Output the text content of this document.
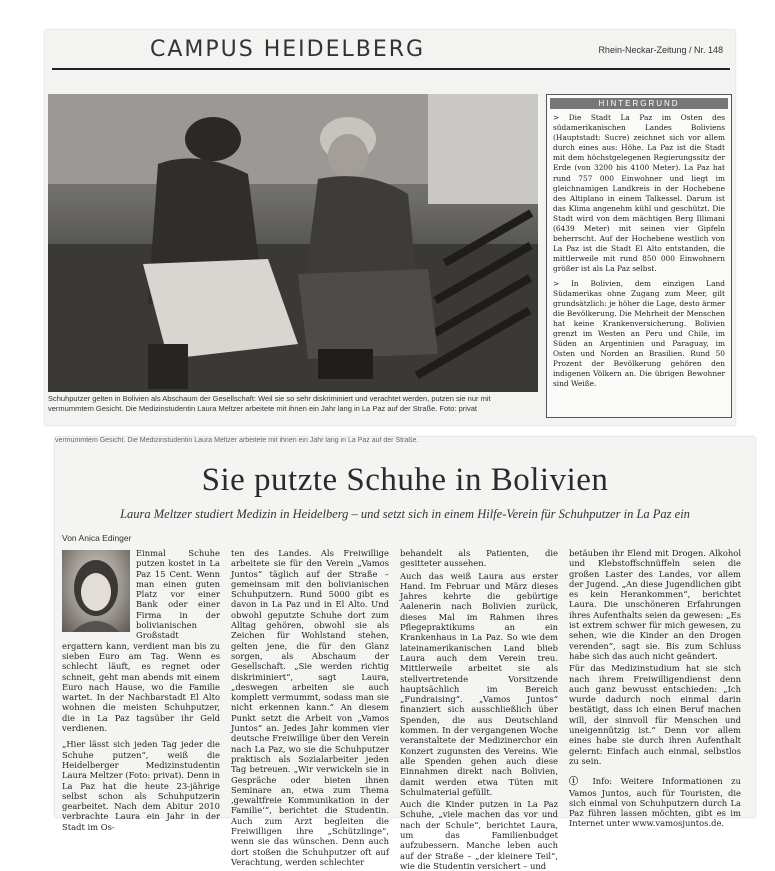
CAMPUS HEIDELBERG	Rhein-Neckar-Zeitung / Nr. 148
Schuhputzer gelten in Bolivien als Abschaum der Gesellschaft: Weil sie so sehr diskriminiert und verachtet werden, putzen sie nur mit vermummtem Gesicht. Die Medizinstudentin Laura Meltzer arbeitete mit ihnen ein Jahr lang in La Paz auf der Straße. Foto: privat
HINTERGRUND

> Die Stadt La Paz im Osten des südamerikanischen Landes Boliviens (Hauptstadt: Sucre) zeichnet sich vor allem durch eines aus: Höhe. La Paz ist die Stadt mit dem höchstgelegenen Regierungssitz der Erde (von 3200 bis 4100 Meter). La Paz hat rund 757 000 Einwohner und liegt im gleichnamigen Landkreis in der Hochebene des Altiplano in einem Talkessel. Darum ist das Klima angenehm kühl und geschützt. Die Stadt wird von dem mächtigen Berg Illimani (6439 Meter) mit seinen vier Gipfeln beherrscht. Auf der Hochebene westlich von La Paz ist die Stadt El Alto entstanden, die mittlerweile mit rund 850 000 Einwohnern größer ist als La Paz selbst.

> In Bolivien, dem einzigen Land Südamerikas ohne Zugang zum Meer, gilt grundsätzlich: je höher die Lage, desto ärmer die Bevölkerung. Die Mehrheit der Menschen hat keine Krankenversicherung. Bolivien grenzt im Westen an Peru und Chile, im Süden an Argentinien und Paraguay, im Osten und Norden an Brasilien. Rund 50 Prozent der Bevölkerung gehören den indigenen Völkern an. Die übrigen Bewohner sind Weiße.

vermummtem Gesicht. Die Medizinstudentin Laura Meltzer arbeitete mit ihnen ein Jahr lang in La Paz auf der Straße.
Sie putzte Schuhe in Bolivien
Laura Meltzer studiert Medizin in Heidelberg – und setzt sich in einem Hilfe-Verein für Schuhputzer in La Paz ein
Von Anica Edinger

Einmal Schuhe putzen kostet in La Paz 15 Cent. Wenn man einen guten Platz vor einer Bank oder einer Firma in der bolivianischen Großstadt ergattern kann, verdient man bis zu sieben Euro am Tag. Wenn es schlecht läuft, es regnet oder schneit, geht man abends mit einem Euro nach Hause, wo die Familie wartet. In der Nachbarstadt El Alto wohnen die meisten Schuhputzer, die in La Paz tagsüber ihr Geld verdienen.

„Hier lässt sich jeden Tag jeder die Schuhe putzen“, weiß die Heidelberger Medizinstudentin Laura Meltzer (Foto: privat). Denn in La Paz hat die heute 23-jährige selbst schon als Schuhputzerin gearbeitet. Nach dem Abitur 2010 verbrachte Laura ein Jahr in der Stadt im Os-

ten des Landes. Als Freiwillige arbeitete sie für den Verein „Vamos Juntos“ täglich auf der Straße – gemeinsam mit den bolivianischen Schuhputzern. Rund 5000 gibt es davon in La Paz und in El Alto. Und obwohl geputzte Schuhe dort zum Alltag gehören, obwohl sie als Zeichen für Wohlstand stehen, gelten jene, die für den Glanz sorgen, als Abschaum der Gesellschaft. „Sie werden richtig diskriminiert“, sagt Laura, „deswegen arbeiten sie auch komplett vermummt, sodass man sie nicht erkennen kann.“ An diesem Punkt setzt die Arbeit von „Vamos Juntos“ an. Jedes Jahr kommen vier deutsche Freiwillige über den Verein nach La Paz, wo sie die Schuhputzer praktisch als Sozialarbeiter jeden Tag betreuen. „Wir verwickeln sie in Gespräche oder bieten ihnen Seminare an, etwa zum Thema ‚gewaltfreie Kommunikation in der Familie‘“, berichtet die Studentin. Auch zum Arzt begleiten die Freiwilligen ihre „Schützlinge“, wenn sie das wünschen. Denn auch dort stoßen die Schuhputzer oft auf Verachtung, werden schlechter

behandelt als Patienten, die gesitteter aussehen.

Auch das weiß Laura aus erster Hand. Im Februar und März dieses Jahres kehrte die gebürtige Aalenerin nach Bolivien zurück, dieses Mal im Rahmen ihres Pflegepraktikums an ein Krankenhaus in La Paz. So wie dem lateinamerikanischen Land blieb Laura auch dem Verein treu. Mittlerweile arbeitet sie als stellvertretende Vorsitzende hauptsächlich im Bereich „Fundraising“. „Vamos Juntos“ finanziert sich ausschließlich über Spenden, die aus Deutschland kommen. In der vergangenen Woche veranstaltete der Medizinerchor ein Konzert zugunsten des Vereins. Wie alle Spenden gehen auch diese Einnahmen direkt nach Bolivien, damit werden etwa Tüten mit Schulmaterial gefüllt.

Auch die Kinder putzen in La Paz Schuhe, „viele machen das vor und nach der Schule“, berichtet Laura, um das Familienbudget aufzubessern. Manche leben auch auf der Straße – „der kleinere Teil“, wie die Studentin versichert – und

betäuben ihr Elend mit Drogen. Alkohol und Klebstoffschnüffeln seien die großen Laster des Landes, vor allem der Jugend. „An diese Jugendlichen gibt es kein Herankommen“, berichtet Laura. Die unschöneren Erfahrungen ihres Aufenthalts seien da gewesen: „Es ist extrem schwer für mich gewesen, zu sehen, wie die Kinder an den Drogen verenden“, sagt sie. Bis zum Schluss habe sich das auch nicht geändert.

Für das Medizinstudium hat sie sich nach ihrem Freiwilligendienst denn auch ganz bewusst entschieden: „Ich wurde dadurch noch einmal darin bestätigt, dass ich einen Beruf machen will, der sinnvoll für Menschen und uneigennützig ist.“ Denn vor allem eines habe sie durch ihren Aufenthalt gelernt: Einfach auch einmal, selbstlos zu sein.

ⓘ Info: Weitere Informationen zu Vamos Juntos, auch für Touristen, die sich einmal von Schuhputzern durch La Paz führen lassen möchten, gibt es im Internet unter www.vamosjuntos.de.
